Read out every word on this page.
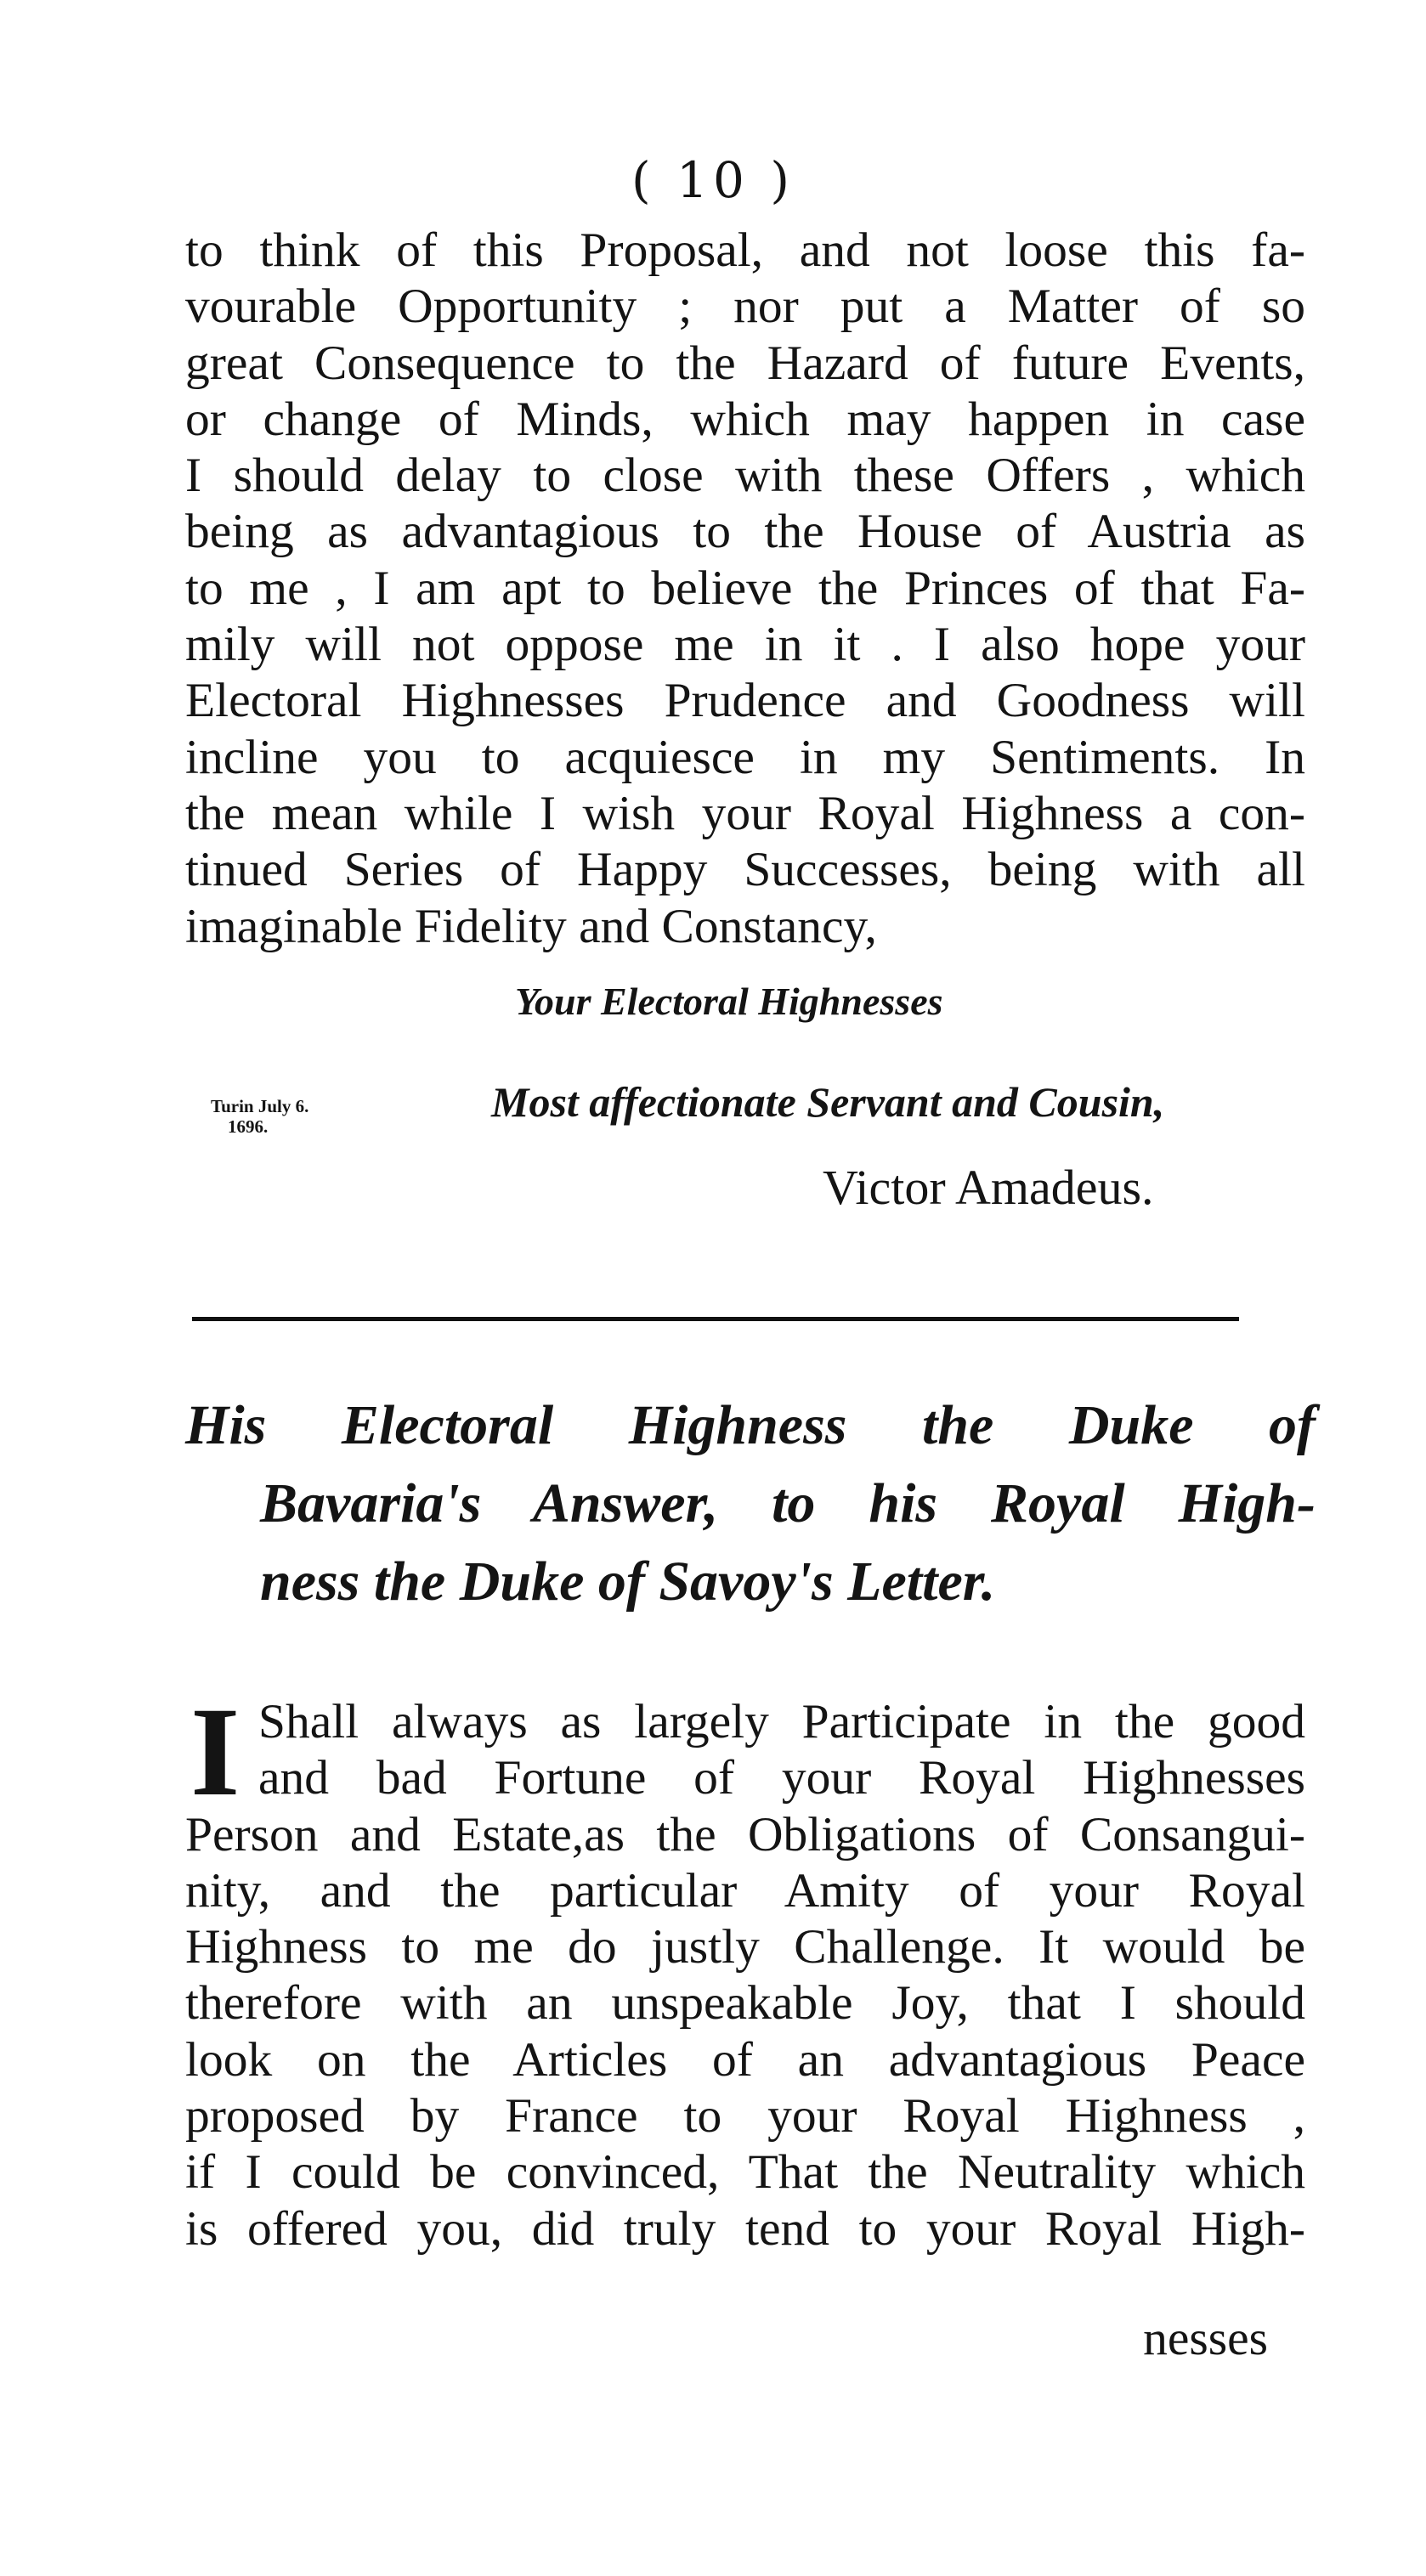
( 10 )
to think of this Proposal, and not loose this fa-
vourable Opportunity ; nor put a Matter of so
great Consequence to the Hazard of future Events,
or change of Minds, which may happen in case
I should delay to close with these Offers , which
being as advantagious to the House of Austria as
to me , I am apt to believe the Princes of that Fa-
mily will not oppose me in it . I also hope your
Electoral Highnesses Prudence and Goodness will
incline you to acquiesce in my Sentiments. In
the mean while I wish your Royal Highness a con-
tinued Series of Happy Successes, being with all
imaginable Fidelity and Constancy,
Your Electoral Highnesses
Turin July 6.
1696.
Most affectionate Servant and Cousin,
Victor Amadeus.
His Electoral Highness the Duke of
Bavaria's Answer, to his Royal High-
ness the Duke of Savoy's Letter.
I Shall always as largely Participate in the good
and bad Fortune of your Royal Highnesses
Person and Estate,as the Obligations of Consangui-
nity, and the particular Amity of your Royal
Highness to me do justly Challenge. It would be
therefore with an unspeakable Joy, that I should
look on the Articles of an advantagious Peace
proposed by France to your Royal Highness ,
if I could be convinced, That the Neutrality which
is offered you, did truly tend to your Royal High-
nesses
